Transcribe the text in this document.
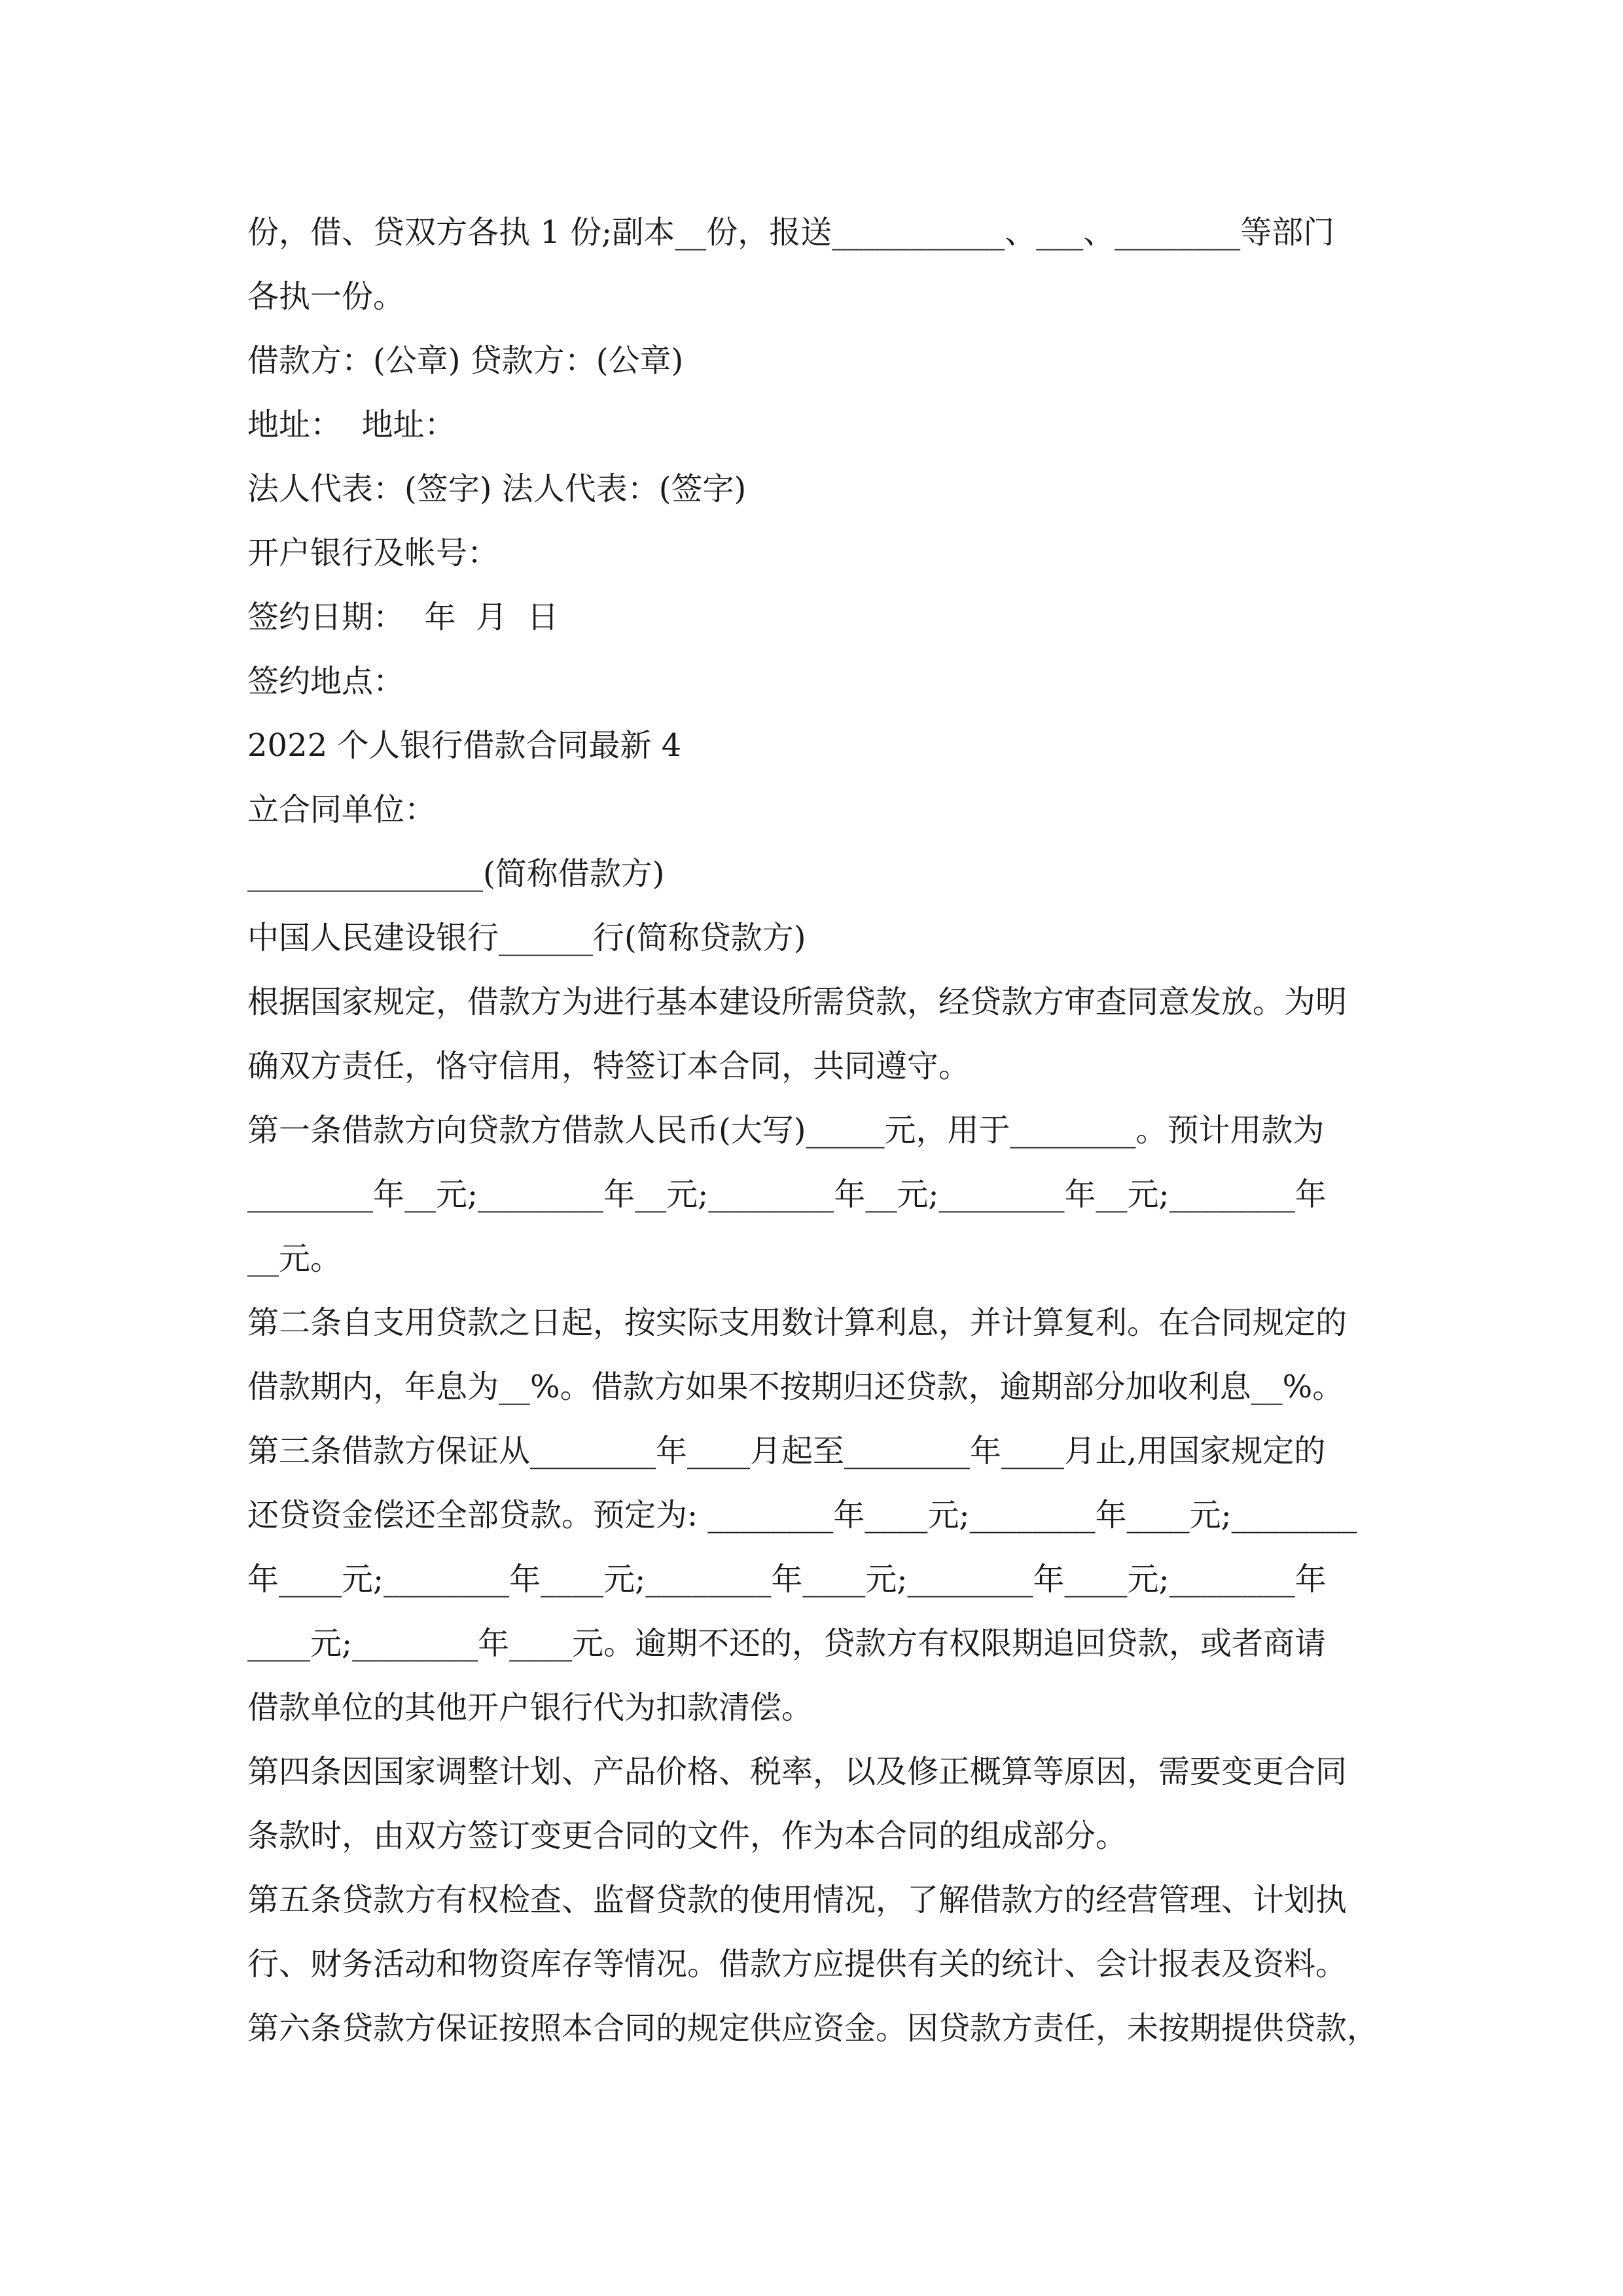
份，借、贷双方各执 1 份;副本__份，报送___________、___、________等部门

各执一份。

借款方：(公章) 贷款方：(公章)

地址：  地址：

法人代表：(签字) 法人代表：(签字)

开户银行及帐号：

签约日期：  年  月  日

签约地点：

2022 个人银行借款合同最新 4

立合同单位：

_______________(简称借款方)

中国人民建设银行______行(简称贷款方)

根据国家规定，借款方为进行基本建设所需贷款，经贷款方审查同意发放。为明

确双方责任，恪守信用，特签订本合同，共同遵守。

第一条借款方向贷款方借款人民币(大写)_____元，用于________。预计用款为

________年__元;________年__元;________年__元;________年__元;________年

__元。

第二条自支用贷款之日起，按实际支用数计算利息，并计算复利。在合同规定的

借款期内，年息为__%。借款方如果不按期归还贷款，逾期部分加收利息__%。

第三条借款方保证从________年____月起至________年____月止,用国家规定的

还贷资金偿还全部贷款。预定为: ________年____元;________年____元;________

年____元;________年____元;________年____元;________年____元;________年

____元;________年____元。逾期不还的，贷款方有权限期追回贷款，或者商请

借款单位的其他开户银行代为扣款清偿。

第四条因国家调整计划、产品价格、税率，以及修正概算等原因，需要变更合同

条款时，由双方签订变更合同的文件，作为本合同的组成部分。

第五条贷款方有权检查、监督贷款的使用情况，了解借款方的经营管理、计划执

行、财务活动和物资库存等情况。借款方应提供有关的统计、会计报表及资料。

第六条贷款方保证按照本合同的规定供应资金。因贷款方责任，未按期提供贷款，
